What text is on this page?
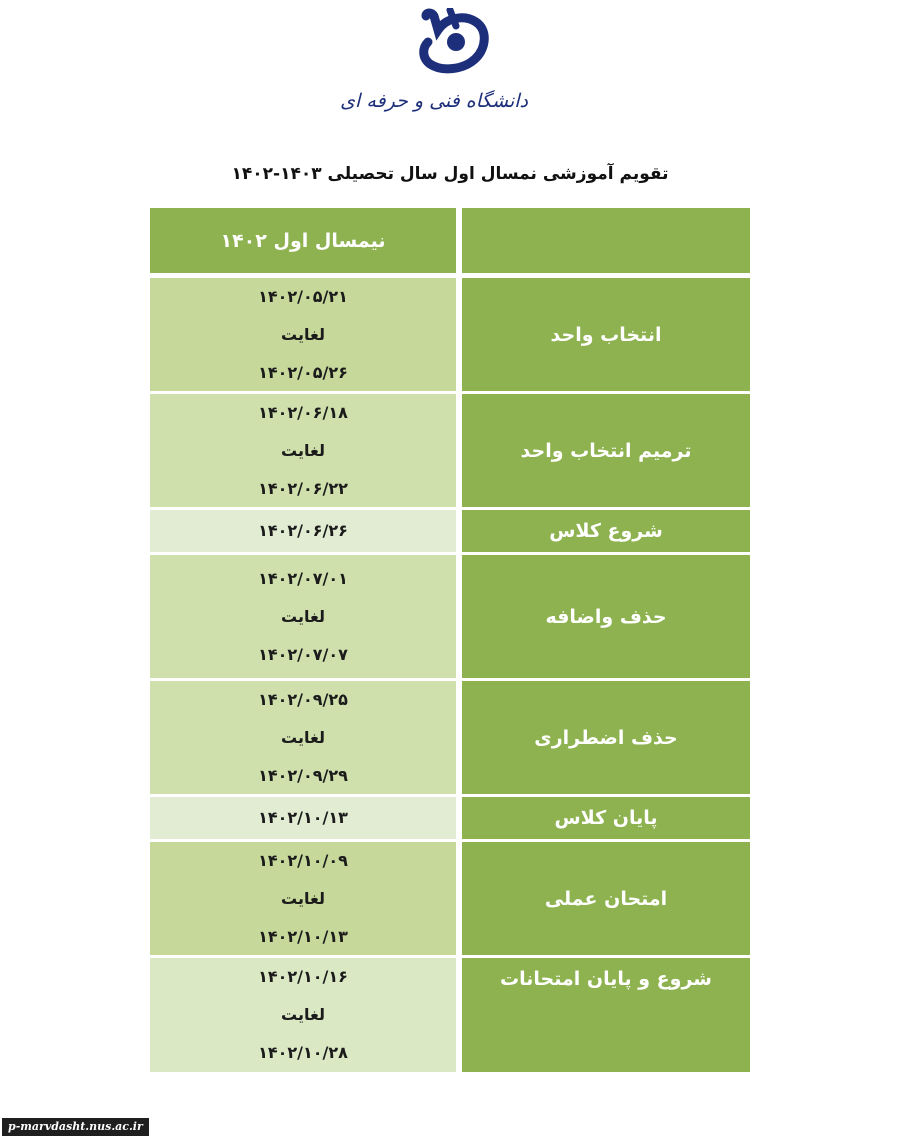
دانشگاه فنی و حرفه ای
تقویم آموزشی نمسال اول سال تحصیلی ۱۴۰۳-۱۴۰۲
نیمسال اول ۱۴۰۲
۱۴۰۲/۰۵/۲۱
لغایت
۱۴۰۲/۰۵/۲۶
انتخاب واحد
۱۴۰۲/۰۶/۱۸
لغایت
۱۴۰۲/۰۶/۲۲
ترمیم انتخاب واحد
۱۴۰۲/۰۶/۲۶	شروع کلاس
۱۴۰۲/۰۷/۰۱
لغایت
۱۴۰۲/۰۷/۰۷
حذف واضافه
۱۴۰۲/۰۹/۲۵
لغایت
۱۴۰۲/۰۹/۲۹
حذف اضطراری
۱۴۰۲/۱۰/۱۳	پایان کلاس
۱۴۰۲/۱۰/۰۹
لغایت
۱۴۰۲/۱۰/۱۳
امتحان عملی
۱۴۰۲/۱۰/۱۶
لغایت
۱۴۰۲/۱۰/۲۸
شروع و پایان امتحانات
p-marvdasht.nus.ac.ir
